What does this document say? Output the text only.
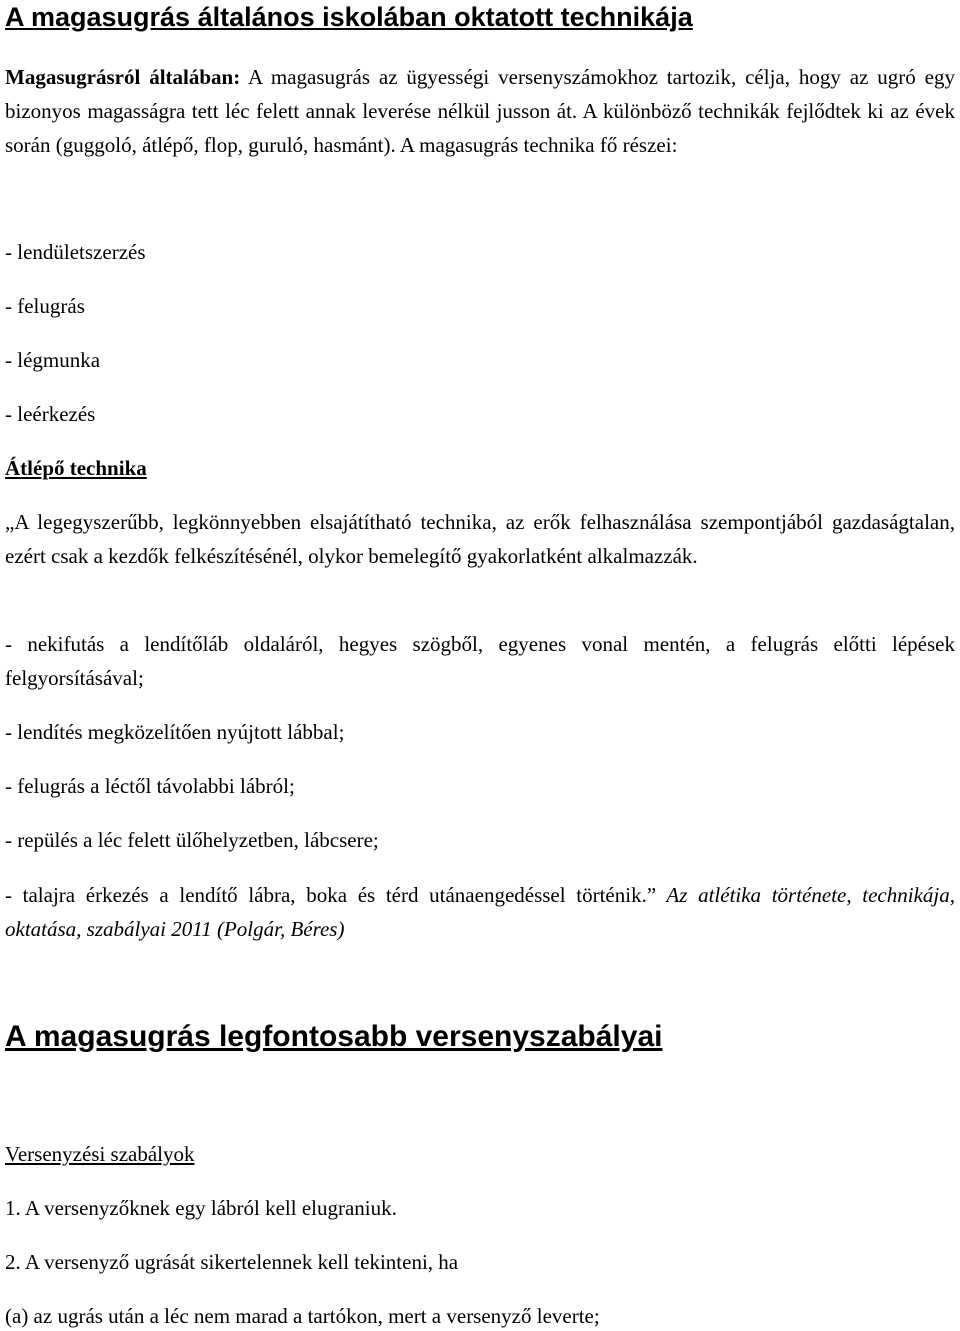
A magasugrás általános iskolában oktatott technikája

Magasugrásról általában: A magasugrás az ügyességi versenyszámokhoz tartozik, célja, hogy az ugró egy bizonyos magasságra tett léc felett annak leverése nélkül jusson át. A különböző technikák fejlődtek ki az évek során (guggoló, átlépő, flop, guruló, hasmánt). A magasugrás technika fő részei:

- lendületszerzés

- felugrás

- légmunka

- leérkezés

Átlépő technika

„A legegyszerűbb, legkönnyebben elsajátítható technika, az erők felhasználása szempontjából gazdaságtalan, ezért csak a kezdők felkészítésénél, olykor bemelegítő gyakorlatként alkalmazzák.

- nekifutás a lendítőláb oldaláról, hegyes szögből, egyenes vonal mentén, a felugrás előtti lépések felgyorsításával;

- lendítés megközelítően nyújtott lábbal;

- felugrás a léctől távolabbi lábról;

- repülés a léc felett ülőhelyzetben, lábcsere;

- talajra érkezés a lendítő lábra, boka és térd utánaengedéssel történik.” Az atlétika története, technikája, oktatása, szabályai 2011 (Polgár, Béres)

A magasugrás legfontosabb versenyszabályai

Versenyzési szabályok

1. A versenyzőknek egy lábról kell elugraniuk.

2. A versenyző ugrását sikertelennek kell tekinteni, ha

(a) az ugrás után a léc nem marad a tartókon, mert a versenyző leverte;
